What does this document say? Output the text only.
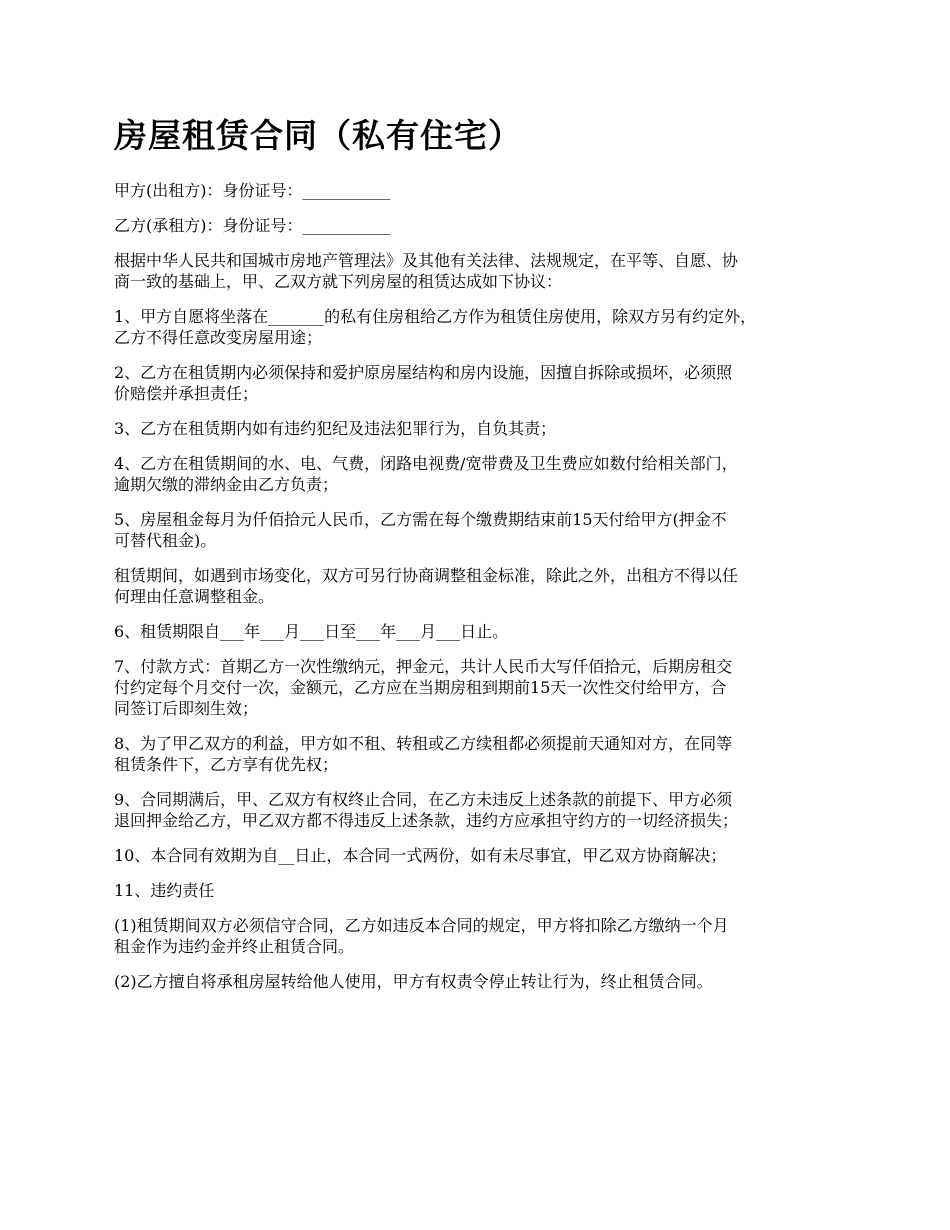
房屋租赁合同（私有住宅）

甲方(出租方)：身份证号：___________

乙方(承租方)：身份证号：___________

根据中华人民共和国城市房地产管理法》及其他有关法律、法规规定，在平等、自愿、协
商一致的基础上，甲、乙双方就下列房屋的租赁达成如下协议：

1、甲方自愿将坐落在_______的私有住房租给乙方作为租赁住房使用，除双方另有约定外，
乙方不得任意改变房屋用途；

2、乙方在租赁期内必须保持和爱护原房屋结构和房内设施，因擅自拆除或损坏，必须照
价赔偿并承担责任；

3、乙方在租赁期内如有违约犯纪及违法犯罪行为，自负其责；

4、乙方在租赁期间的水、电、气费，闭路电视费/宽带费及卫生费应如数付给相关部门，
逾期欠缴的滞纳金由乙方负责；

5、房屋租金每月为仟佰拾元人民币，乙方需在每个缴费期结束前15天付给甲方(押金不
可替代租金)。

租赁期间，如遇到市场变化，双方可另行协商调整租金标准，除此之外，出租方不得以任
何理由任意调整租金。

6、租赁期限自___年___月___日至___年___月___日止。

7、付款方式：首期乙方一次性缴纳元，押金元，共计人民币大写仟佰拾元，后期房租交
付约定每个月交付一次，金额元，乙方应在当期房租到期前15天一次性交付给甲方，合
同签订后即刻生效；

8、为了甲乙双方的利益，甲方如不租、转租或乙方续租都必须提前天通知对方，在同等
租赁条件下，乙方享有优先权；

9、合同期满后，甲、乙双方有权终止合同，在乙方未违反上述条款的前提下、甲方必须
退回押金给乙方，甲乙双方都不得违反上述条款，违约方应承担守约方的一切经济损失；

10、本合同有效期为自__日止，本合同一式两份，如有未尽事宜，甲乙双方协商解决；

11、违约责任

(1)租赁期间双方必须信守合同，乙方如违反本合同的规定，甲方将扣除乙方缴纳一个月
租金作为违约金并终止租赁合同。

(2)乙方擅自将承租房屋转给他人使用，甲方有权责令停止转让行为，终止租赁合同。
